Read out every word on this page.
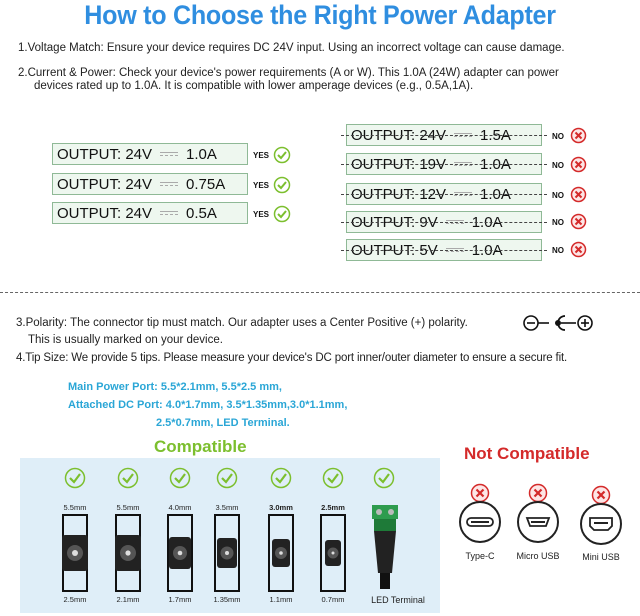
How to Choose the Right Power Adapter
1.Voltage Match: Ensure your device requires DC 24V input. Using an incorrect voltage can cause damage.
2.Current & Power: Check your device's power requirements (A or W). This 1.0A (24W) adapter can power
devices rated up to 1.0A. It is compatible with lower amperage devices (e.g., 0.5A,1A).
OUTPUT: 24V 1.0A	YES
OUTPUT: 24V 0.75A	YES
OUTPUT: 24V 0.5A	YES
OUTPUT: 24V 1.5A	NO
OUTPUT: 19V 1.0A	NO
OUTPUT: 12V 1.0A	NO
OUTPUT: 9V 1.0A	NO
OUTPUT: 5V 1.0A	NO
3.Polarity: The connector tip must match. Our adapter uses a Center Positive (+) polarity.
This is usually marked on your device.
4.Tip Size: We provide 5 tips. Please measure your device's DC port inner/outer diameter to ensure a secure fit.
Main Power Port: 5.5*2.1mm, 5.5*2.5 mm,
Attached DC Port: 4.0*1.7mm, 3.5*1.35mm,3.0*1.1mm,
2.5*0.7mm, LED Terminal.
Compatible	Not Compatible
5.5mm
2.5mm
5.5mm
2.1mm
4.0mm
1.7mm
3.5mm
1.35mm
3.0mm
1.1mm
2.5mm
0.7mm	LED Terminal
Type-C	Micro USB	Mini USB
